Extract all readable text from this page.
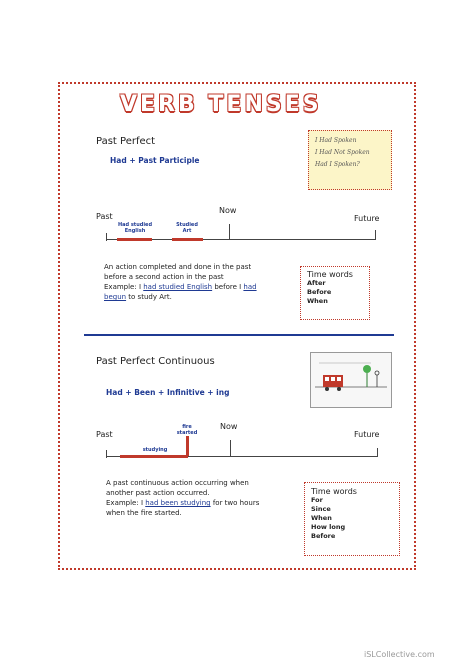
VERB TENSES
Past Perfect
Had + Past Participle
I Had Spoken
I Had Not Spoken
Had I Spoken?
Past
Now
Future
Had studied
English
Studied
Art
An action completed and done in the past
before a second action in the past
Example: I had studied English before I had
begun to study Art.
Time words
After
Before
When
Past Perfect Continuous
Had + Been + Infinitive + ing
Past
Now
Future
studying
fire
started
A past continuous action occurring when
another past action occurred.
Example: I had been studying for two hours
when the fire started.
Time words
For
Since
When
How long
Before
iSLCollective.com
